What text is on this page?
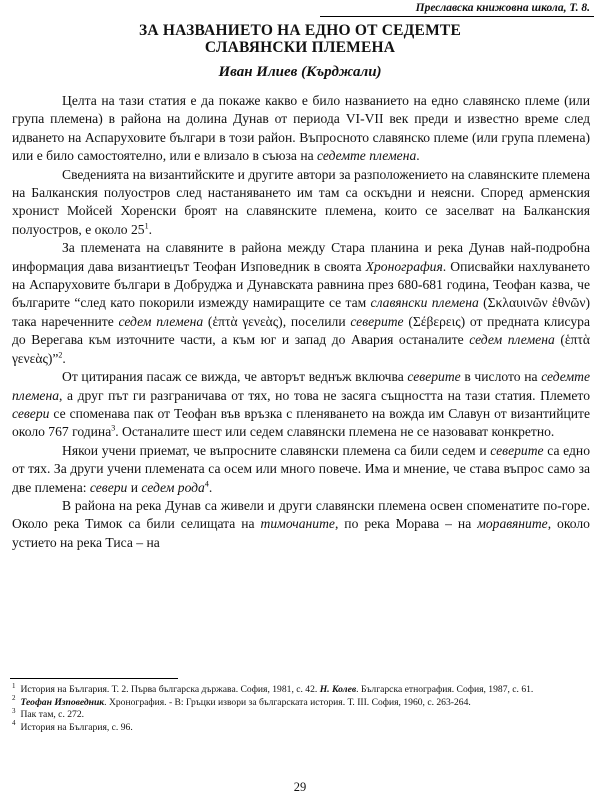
Преславска книжовна школа, Т. 8.
ЗА НАЗВАНИЕТО НА ЕДНО ОТ СЕДЕМТЕ
СЛАВЯНСКИ ПЛЕМЕНА
Иван Илиев (Кърджали)

Целта на тази статия е да покаже какво е било названието на едно славянско племе (или група племена) в района на долина Дунав от периода VI-VII век преди и известно време след идването на Аспаруховите българи в този район. Въпросното славянско племе (или група племена) или е било самостоятелно, или е влизало в съюза на седемте племена.

Сведенията на византийските и другите автори за разположението на славянските племена на Балканския полуостров след настаняването им там са оскъдни и неясни. Според арменския хронист Мойсей Хоренски броят на славянските племена, които се заселват на Балканския полуостров, е около $25^1$.

За племената на славяните в района между Стара планина и река Дунав най-подробна информация дава византиецът Теофан Изповедник в своята Хронография. Описвайки нахлуването на Аспаруховите българи в Добруджа и Дунавската равнина през 680-681 година, Теофан казва, че българите “след като покорили измежду намиращите се там славянски племена (Σκλαυινῶν ἐθνῶν) така нареченните седем племена (ἑπτὰ γενεὰς), поселили северите (Σέβερεις) от предната клисура до Верегава към източните части, а към юг и запад до Авария останалите седем племена (ἑπτὰ γενεὰς)”$^2$.

От цитирания пасаж се вижда, че авторът веднъж включва северите в числото на седемте племена, а друг път ги разграничава от тях, но това не засяга същността на тази статия. Племето севери се споменава пак от Теофан във връзка с пленяването на вожда им Славун от византийците около 767 година$^3$. Останалите шест или седем славянски племена не се назовават конкретно.

Някои учени приемат, че въпросните славянски племена са били седем и северите са едно от тях. За други учени племената са осем или много повече. Има и мнение, че става въпрос само за две племена: севери и седем рода$^4$.

В района на река Дунав са живели и други славянски племена освен споменатите по-горе. Около река Тимок са били селищата на тимочаните, по река Морава – на моравяните, около устието на река Тиса – на

$^1$ История на България. Т. 2. Първа българска държава. София, 1981, с. 42. Н. Колев. Българска етнография. София, 1987, с. 61.

$^2$ Теофан Изповедник. Хронография. - В: Гръцки извори за българската история. Т. III. София, 1960, с. 263-264.

$^3$ Пак там, с. 272.

$^4$ История на България, с. 96.

29
